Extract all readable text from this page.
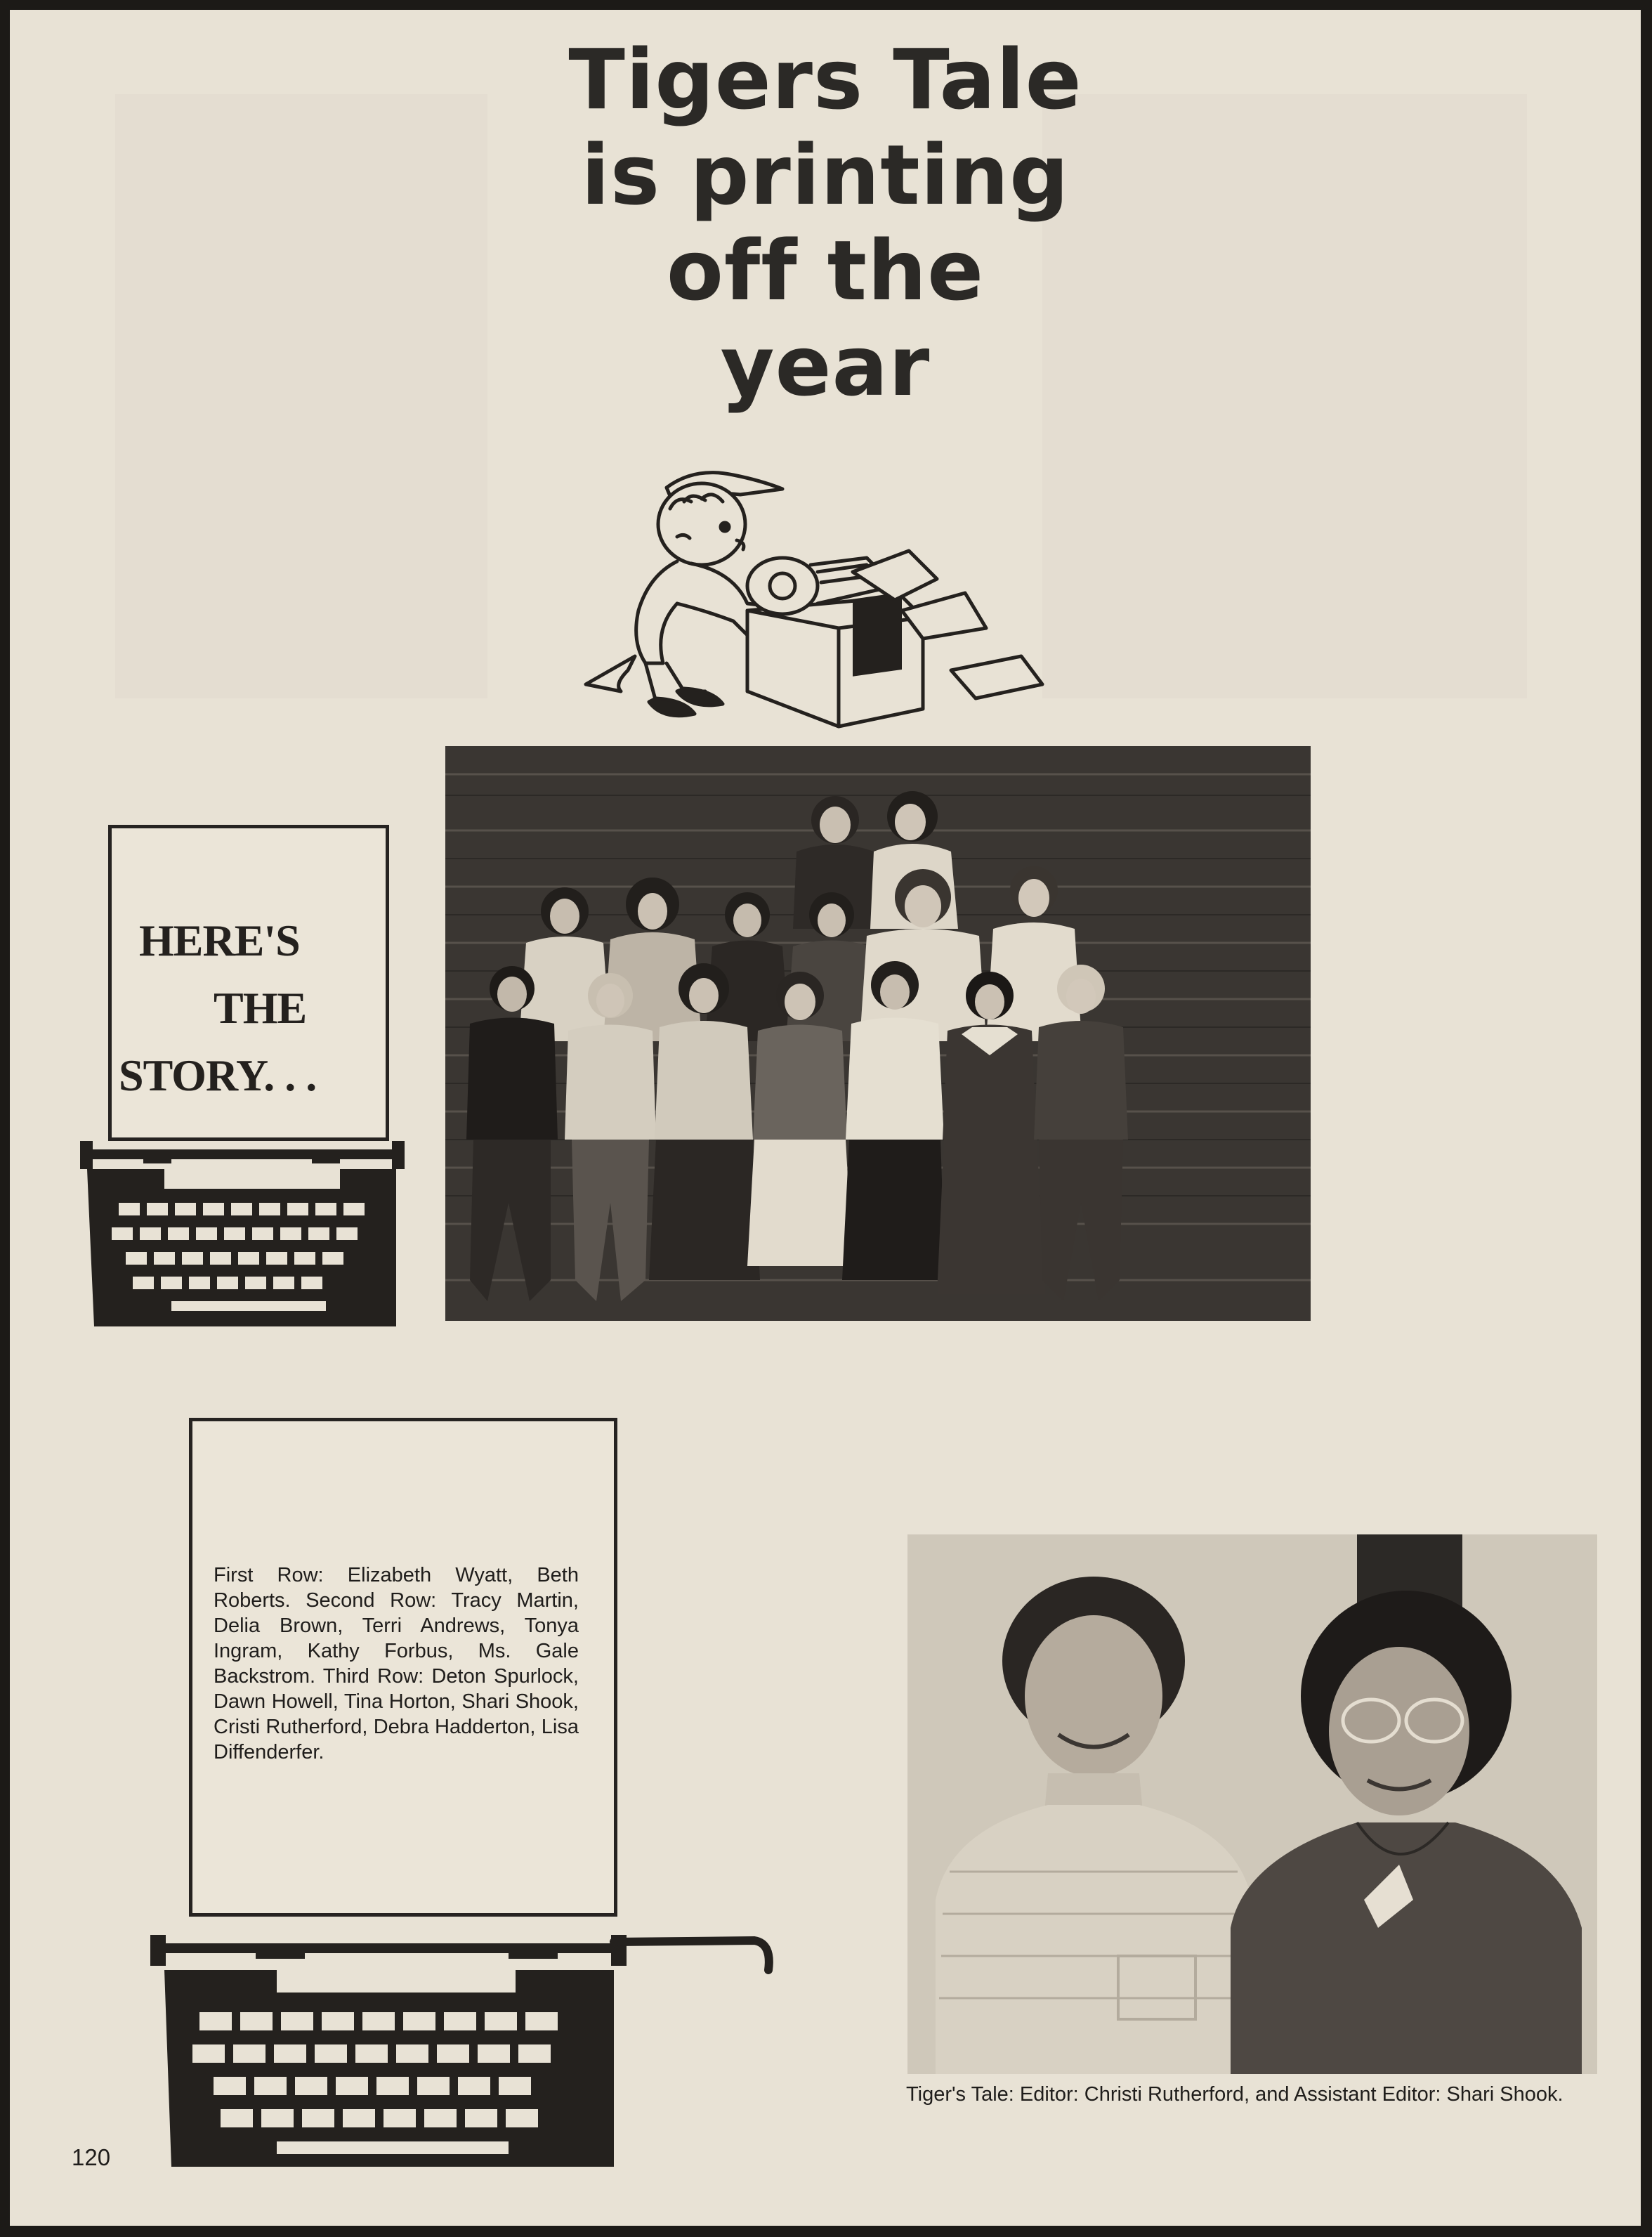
Tigers Tale
is printing
off the
year
HERE'S
THE
STORY. . .
First Row: Elizabeth Wyatt, Beth Roberts. Second Row: Tracy Martin, Delia Brown, Terri Andrews, Tonya Ingram, Kathy Forbus, Ms. Gale Backstrom. Third Row: Deton Spurlock, Dawn Howell, Tina Horton, Shari Shook, Cristi Rutherford, Debra Hadderton, Lisa Diffenderfer.
Tiger's Tale: Editor: Christi Rutherford, and Assistant Editor: Shari Shook.
120
